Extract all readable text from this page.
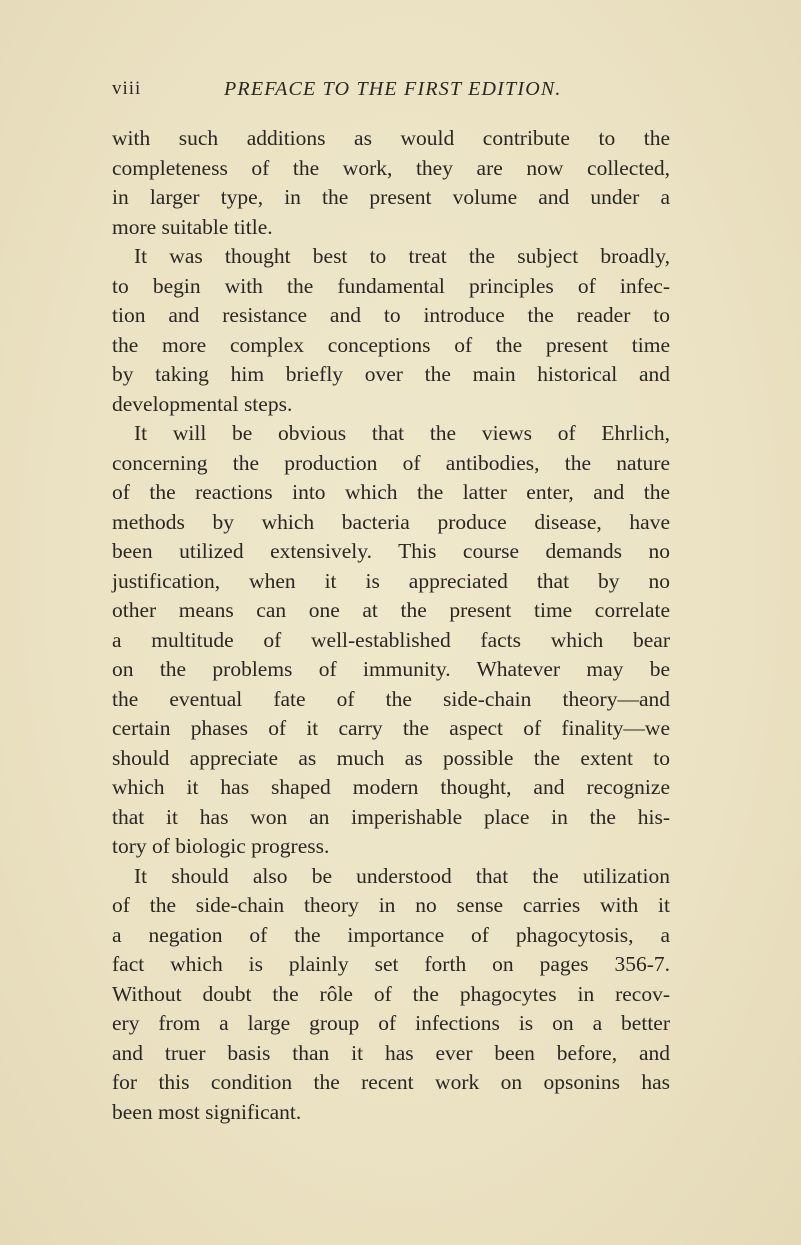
viii	PREFACE TO THE FIRST EDITION.
with such additions as would contribute to the
completeness of the work, they are now collected,
in larger type, in the present volume and under a
more suitable title.
It was thought best to treat the subject broadly,
to begin with the fundamental principles of infec-
tion and resistance and to introduce the reader to
the more complex conceptions of the present time
by taking him briefly over the main historical and
developmental steps.
It will be obvious that the views of Ehrlich,
concerning the production of antibodies, the nature
of the reactions into which the latter enter, and the
methods by which bacteria produce disease, have
been utilized extensively. This course demands no
justification, when it is appreciated that by no
other means can one at the present time correlate
a multitude of well-established facts which bear
on the problems of immunity. Whatever may be
the eventual fate of the side-chain theory—and
certain phases of it carry the aspect of finality—we
should appreciate as much as possible the extent to
which it has shaped modern thought, and recognize
that it has won an imperishable place in the his-
tory of biologic progress.
It should also be understood that the utilization
of the side-chain theory in no sense carries with it
a negation of the importance of phagocytosis, a
fact which is plainly set forth on pages 356-7.
Without doubt the rôle of the phagocytes in recov-
ery from a large group of infections is on a better
and truer basis than it has ever been before, and
for this condition the recent work on opsonins has
been most significant.
